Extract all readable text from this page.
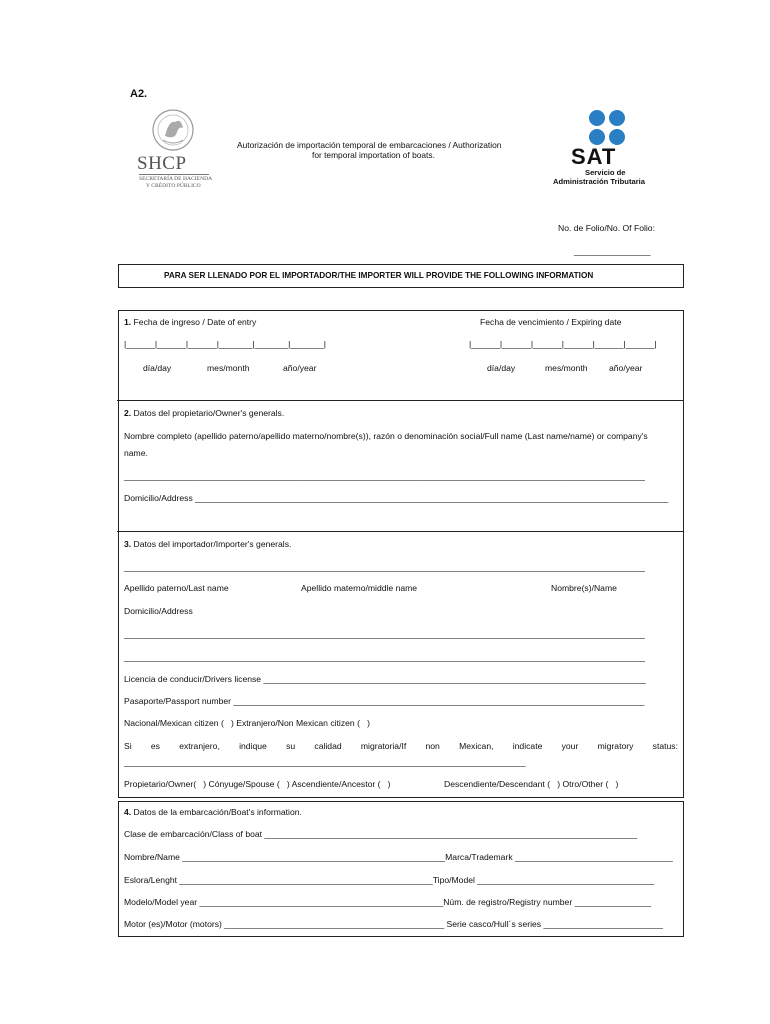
A2.
SHCP
SECRETARÍA DE HACIENDA
Y CRÉDITO PÚBLICO
Autorización de importación temporal de embarcaciones / Authorization
for temporal importation of boats.	SAT
Servicio de
Administración Tributaria
No. de Folio/No. Of Folio:
________________
PARA SER LLENADO POR EL IMPORTADOR/THE IMPORTER WILL PROVIDE THE FOLLOWING INFORMATION
1. Fecha de ingreso / Date of entry	Fecha de vencimiento / Expiring date
|______|______|______|_______|_______|_______|	|______|______|______|______|______|______|
día/day	mes/month	año/year	día/day	mes/month año/year
2. Datos del propietario/Owner's generals.
Nombre completo (apellido paterno/apellido materno/nombre(s)), razón o denominación social/Full name (Last name/name) or company's
name.
_____________________________________________________________________________________________________________
Domicilio/Address ___________________________________________________________________________________________________
3. Datos del importador/Importer's generals.
_____________________________________________________________________________________________________________
Apellido paterno/Last name	Apellido materno/middle name	Nombre(s)/Name
Domicilio/Address
_____________________________________________________________________________________________________________
_____________________________________________________________________________________________________________
Licencia de conducir/Drivers license ________________________________________________________________________________
Pasaporte/Passport number ______________________________________________________________________________________
Nacional/Mexican citizen (   ) Extranjero/Non Mexican citizen (   )
Si es extranjero, indique su calidad migratoria/If non Mexican, indicate your migratory status:
____________________________________________________________________________________
Propietario/Owner(   ) Cónyuge/Spouse (   ) Ascendiente/Ancestor (   )	Descendiente/Descendant (   ) Otro/Other (   )
4. Datos de la embarcación/Boat's information.
Clase de embarcación/Class of boat ______________________________________________________________________________
Nombre/Name _______________________________________________________Marca/Trademark _________________________________
Eslora/Lenght _____________________________________________________Tipo/Model _____________________________________
Modelo/Model year ___________________________________________________Núm. de registro/Registry number ________________
Motor (es)/Motor (motors) ______________________________________________ Serie casco/Hull´s series _________________________
